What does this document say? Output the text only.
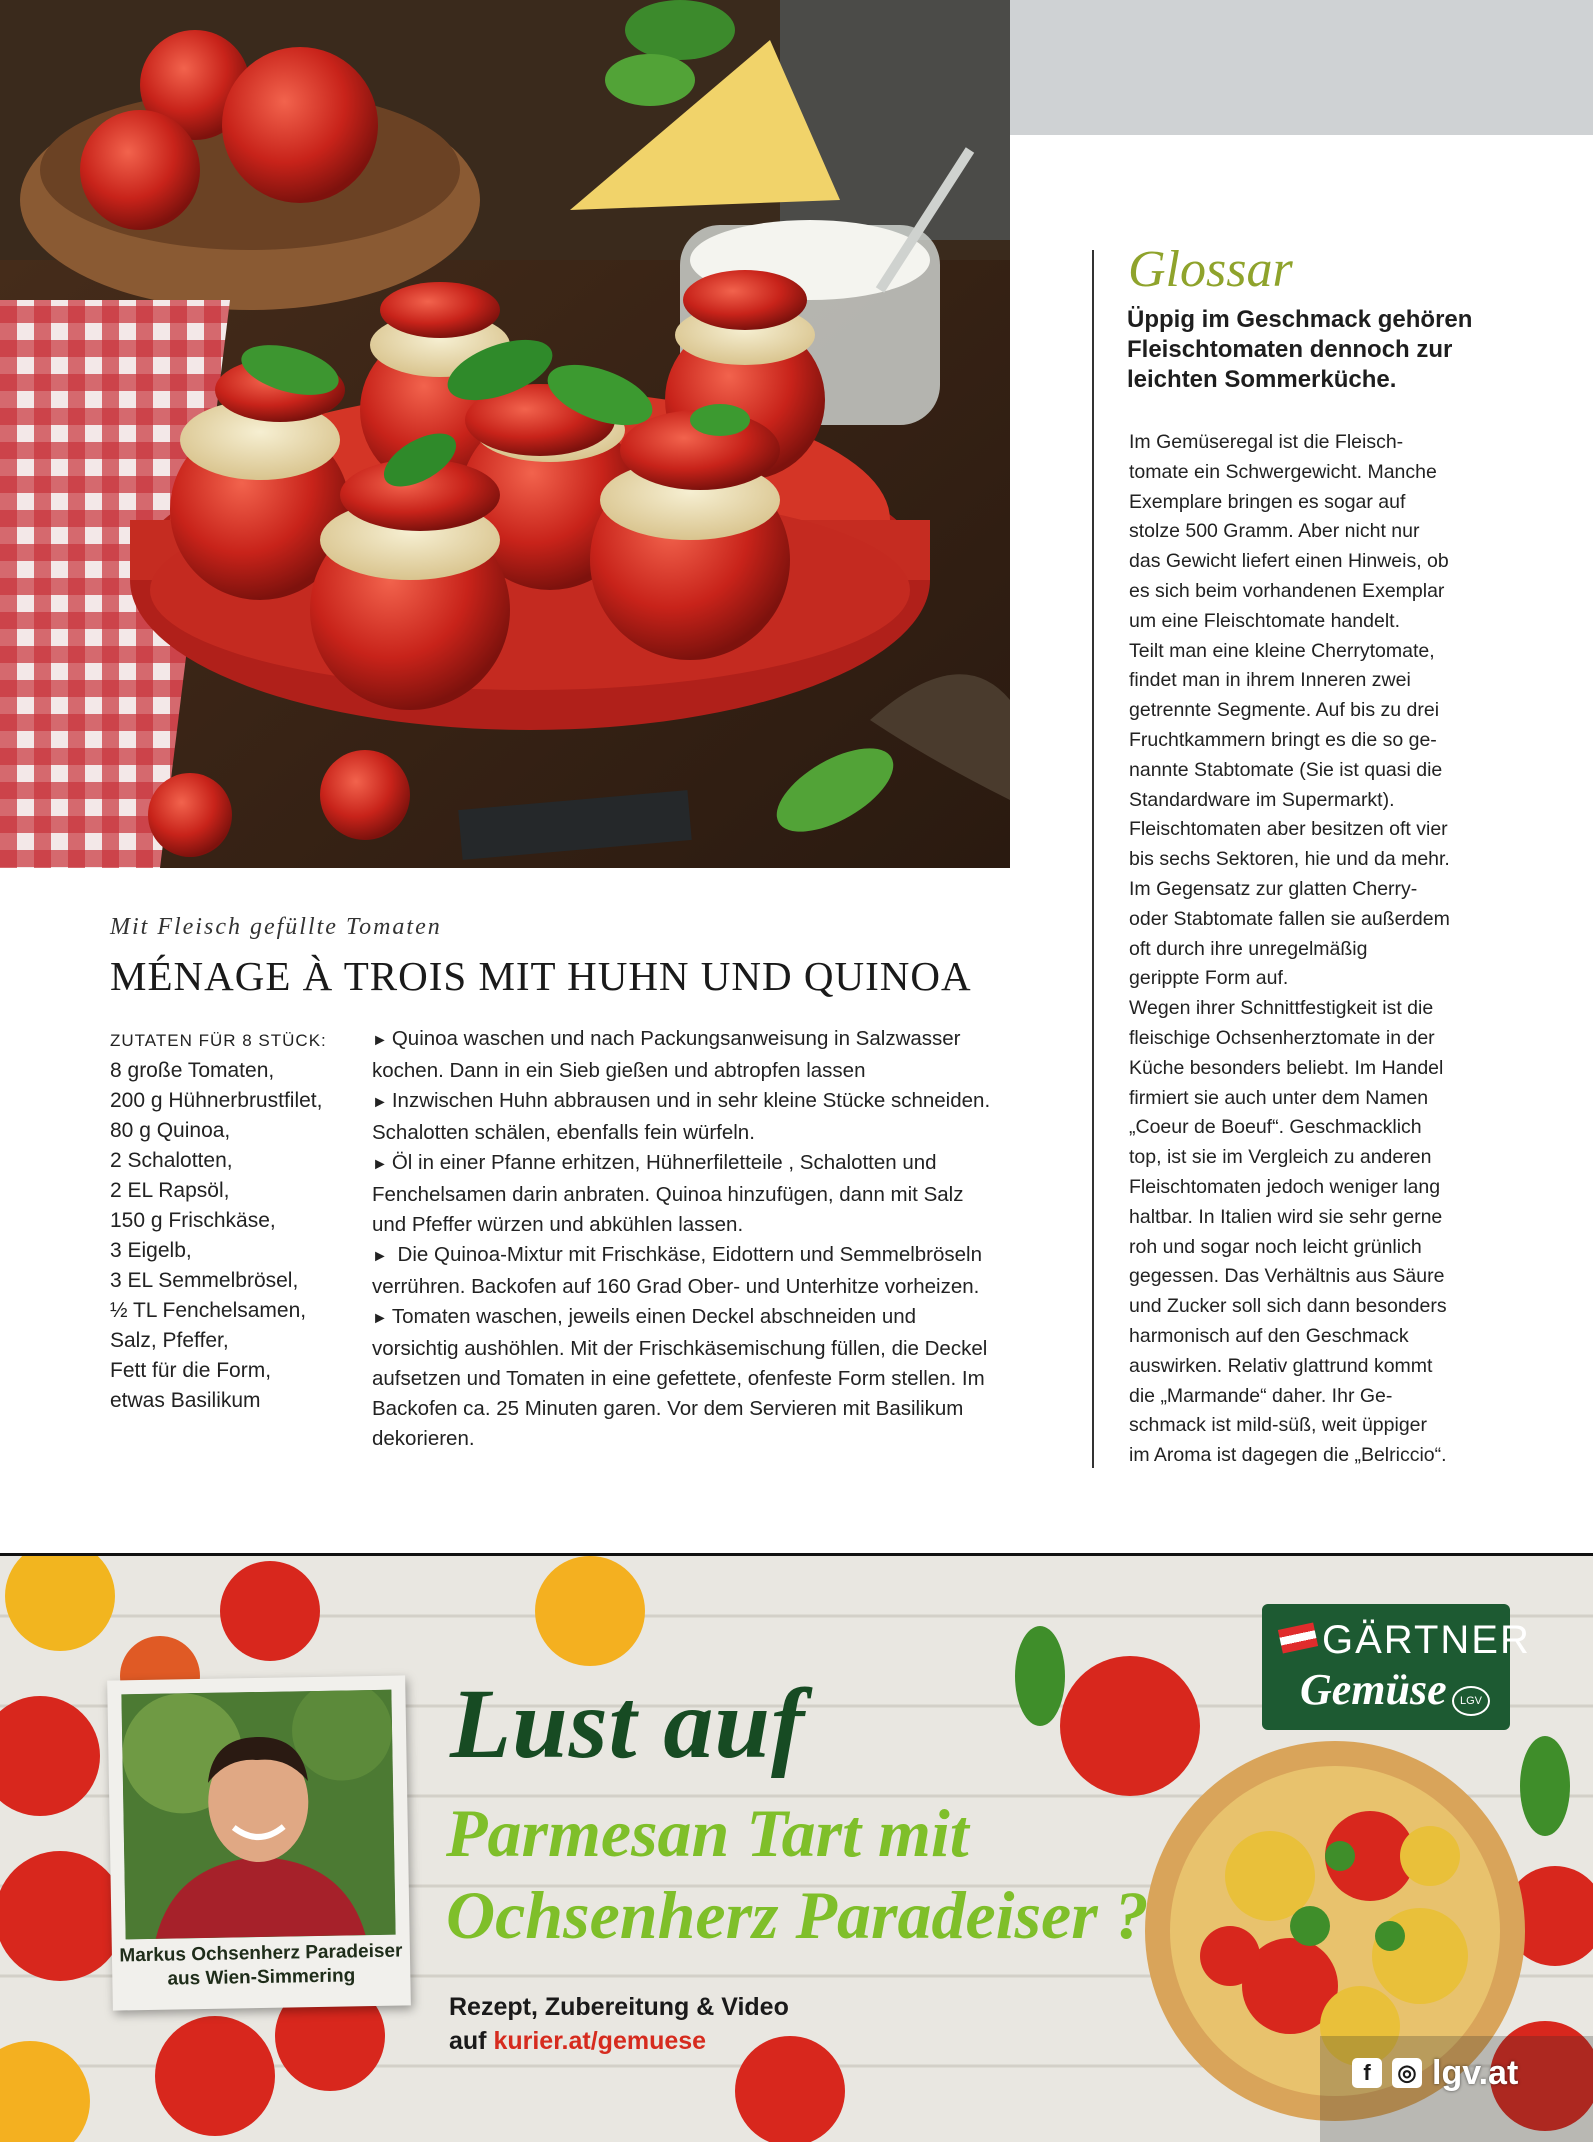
Mit Fleisch gefüllte Tomaten
MÉNAGE À TROIS MIT HUHN UND QUINOA
ZUTATEN FÜR 8 STÜCK:
8 große Tomaten,
200 g Hühnerbrustfilet,
80 g Quinoa,
2 Schalotten,
2 EL Rapsöl,
150 g Frischkäse,
3 Eigelb,
3 EL Semmelbrösel,
½ TL Fenchelsamen,
Salz, Pfeffer,
Fett für die Form,
etwas Basilikum

► Quinoa waschen und nach Packungsanweisung in Salzwasser kochen. Dann in ein Sieb gießen und abtropfen lassen

► Inzwischen Huhn abbrausen und in sehr kleine Stücke schneiden. Schalotten schälen, ebenfalls fein würfeln.

► Öl in einer Pfanne erhitzen, Hühnerfiletteile , Schalotten und Fenchelsamen darin anbraten. Quinoa hinzufügen, dann mit Salz und Pfeffer würzen und abkühlen lassen.

► Die Quinoa-Mixtur mit Frischkäse, Eidottern und Semmelbröseln verrühren. Backofen auf 160 Grad Ober- und Unterhitze vorheizen.

► Tomaten waschen, jeweils einen Deckel abschneiden und vorsichtig aushöhlen. Mit der Frischkäsemischung füllen, die Deckel aufsetzen und Tomaten in eine gefettete, ofenfeste Form stellen. Im Backofen ca. 25 Minuten garen. Vor dem Servieren mit Basilikum dekorieren.

Glossar
Üppig im Geschmack gehören Fleischtomaten dennoch zur leichten Sommerküche.
Im Gemüseregal ist die Fleisch-
tomate ein Schwergewicht. Manche
Exemplare bringen es sogar auf
stolze 500 Gramm. Aber nicht nur
das Gewicht liefert einen Hinweis, ob
es sich beim vorhandenen Exemplar
um eine Fleischtomate handelt.
Teilt man eine kleine Cherrytomate,
findet man in ihrem Inneren zwei
getrennte Segmente. Auf bis zu drei
Fruchtkammern bringt es die so ge-
nannte Stabtomate (Sie ist quasi die
Standardware im Supermarkt).
Fleischtomaten aber besitzen oft vier
bis sechs Sektoren, hie und da mehr.
Im Gegensatz zur glatten Cherry-
oder Stabtomate fallen sie außerdem
oft durch ihre unregelmäßig
gerippte Form auf.
Wegen ihrer Schnittfestigkeit ist die
fleischige Ochsenherztomate in der
Küche besonders beliebt. Im Handel
firmiert sie auch unter dem Namen
„Coeur de Boeuf“. Geschmacklich
top, ist sie im Vergleich zu anderen
Fleischtomaten jedoch weniger lang
haltbar. In Italien wird sie sehr gerne
roh und sogar noch leicht grünlich
gegessen. Das Verhältnis aus Säure
und Zucker soll sich dann besonders
harmonisch auf den Geschmack
auswirken. Relativ glattrund kommt
die „Marmande“ daher. Ihr Ge-
schmack ist mild-süß, weit üppiger
im Aroma ist dagegen die „Belriccio“.
Markus Ochsenherz Paradeiser
aus Wien-Simmering
Lust auf
Parmesan Tart mit
Ochsenherz Paradeiser ?
Rezept, Zubereitung & Video
auf kurier.at/gemuese
GÄRTNER
Gemüse	LGV
f	◎ lgv.at
